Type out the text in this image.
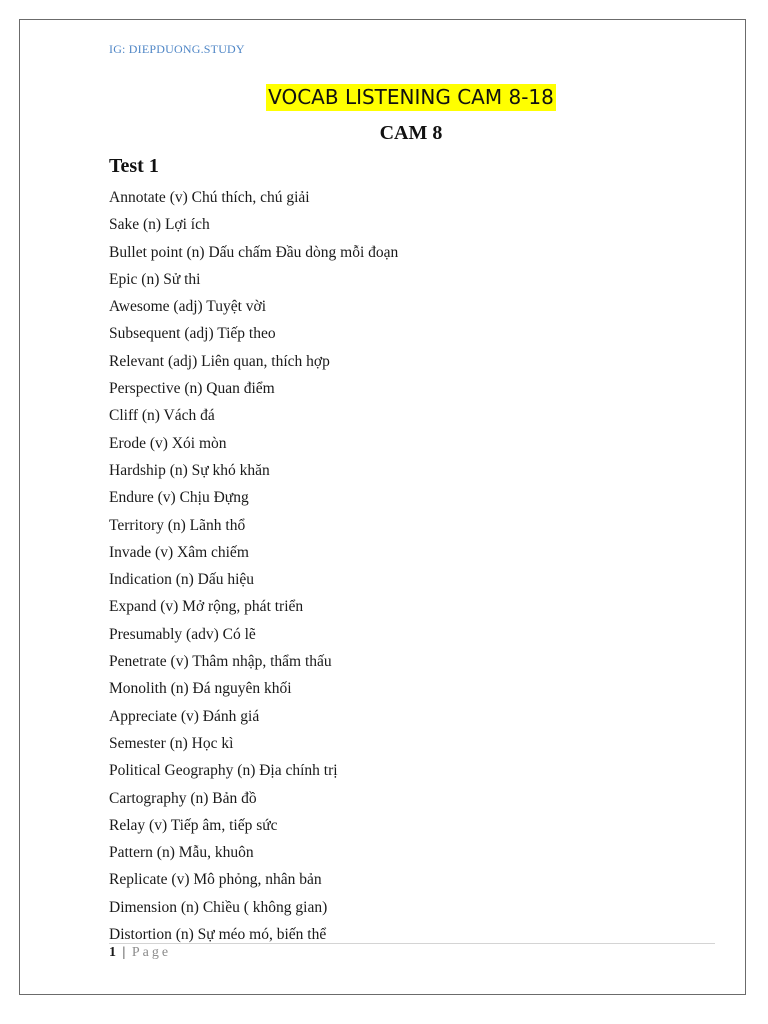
IG: DIEPDUONG.STUDY
VOCAB LISTENING CAM 8-18
CAM 8
Test 1
Annotate (v) Chú thích, chú giải
Sake (n) Lợi ích
Bullet point (n) Dấu chấm Đầu dòng mỗi đoạn
Epic (n) Sử thi
Awesome (adj) Tuyệt vời
Subsequent (adj) Tiếp theo
Relevant (adj) Liên quan, thích hợp
Perspective (n) Quan điểm
Cliff (n) Vách đá
Erode (v) Xói mòn
Hardship (n) Sự khó khăn
Endure (v) Chịu Đựng
Territory (n) Lãnh thổ
Invade (v) Xâm chiếm
Indication (n) Dấu hiệu
Expand (v) Mở rộng, phát triển
Presumably (adv) Có lẽ
Penetrate (v) Thâm nhập, thẩm thấu
Monolith (n) Đá nguyên khối
Appreciate (v) Đánh giá
Semester (n) Học kì
Political Geography (n) Địa chính trị
Cartography (n) Bản đồ
Relay (v) Tiếp âm, tiếp sức
Pattern (n) Mẫu, khuôn
Replicate (v) Mô phỏng, nhân bản
Dimension (n) Chiều ( không gian)
Distortion (n) Sự méo mó, biến thể
1 | Page
